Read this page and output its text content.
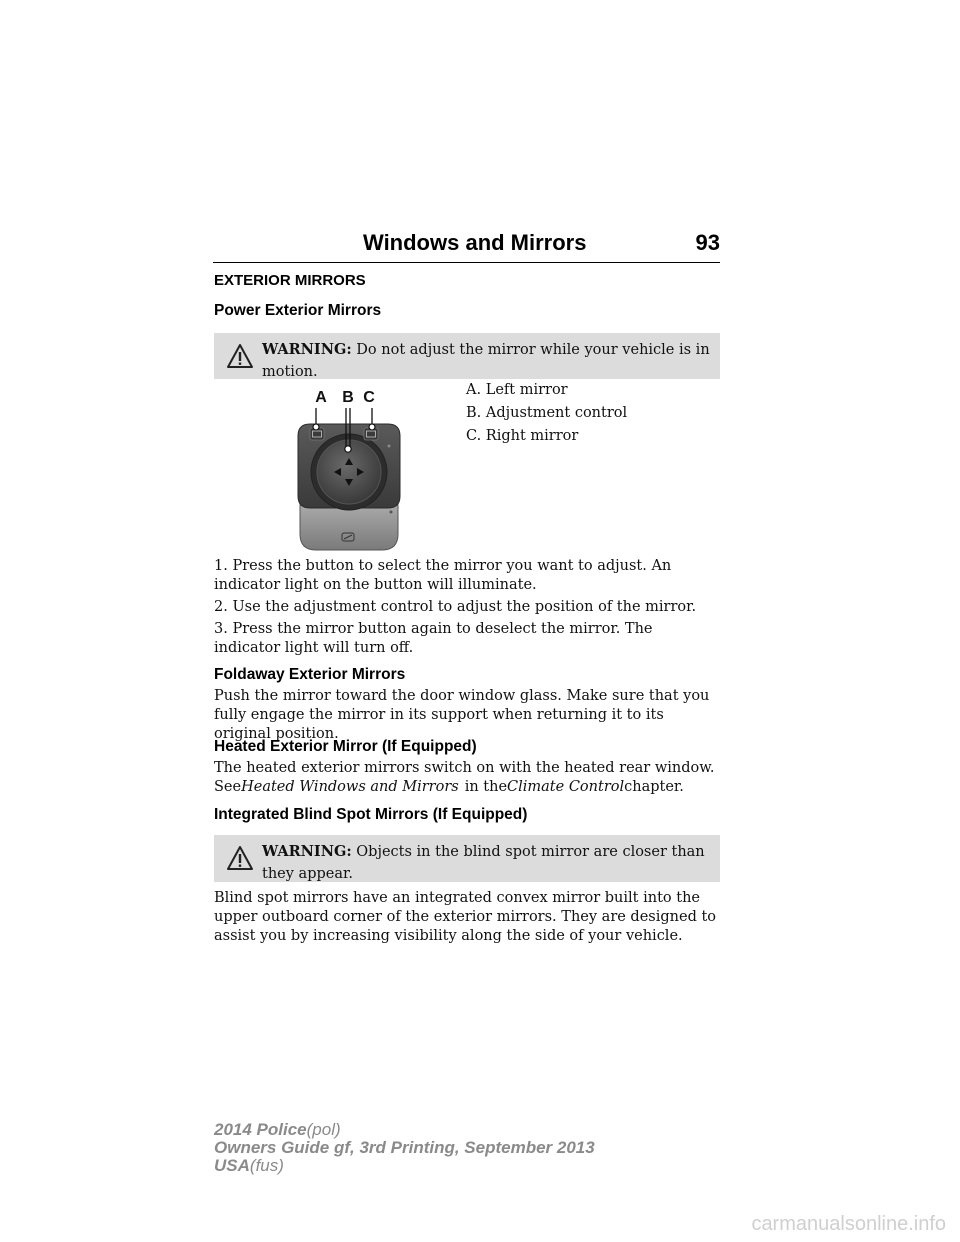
Windows and Mirrors	93
EXTERIOR MIRRORS
Power Exterior Mirrors
WARNING: Do not adjust the mirror while your vehicle is in motion.
A B C	A. Left mirror
B. Adjustment control
C. Right mirror
1. Press the button to select the mirror you want to adjust. An indicator light on the button will illuminate.
2. Use the adjustment control to adjust the position of the mirror.
3. Press the mirror button again to deselect the mirror. The indicator light will turn off.
Foldaway Exterior Mirrors
Push the mirror toward the door window glass. Make sure that you fully engage the mirror in its support when returning it to its original position.
Heated Exterior Mirror (If Equipped)

The heated exterior mirrors switch on with the heated rear window.

SeeHeated Windows and Mirrors in theClimate Controlchapter.

Integrated Blind Spot Mirrors (If Equipped)
WARNING: Objects in the blind spot mirror are closer than they appear.
Blind spot mirrors have an integrated convex mirror built into the upper outboard corner of the exterior mirrors. They are designed to assist you by increasing visibility along the side of your vehicle.
2014 Police(pol)
Owners Guide gf, 3rd Printing, September 2013
USA(fus)
carmanualsonline.info
